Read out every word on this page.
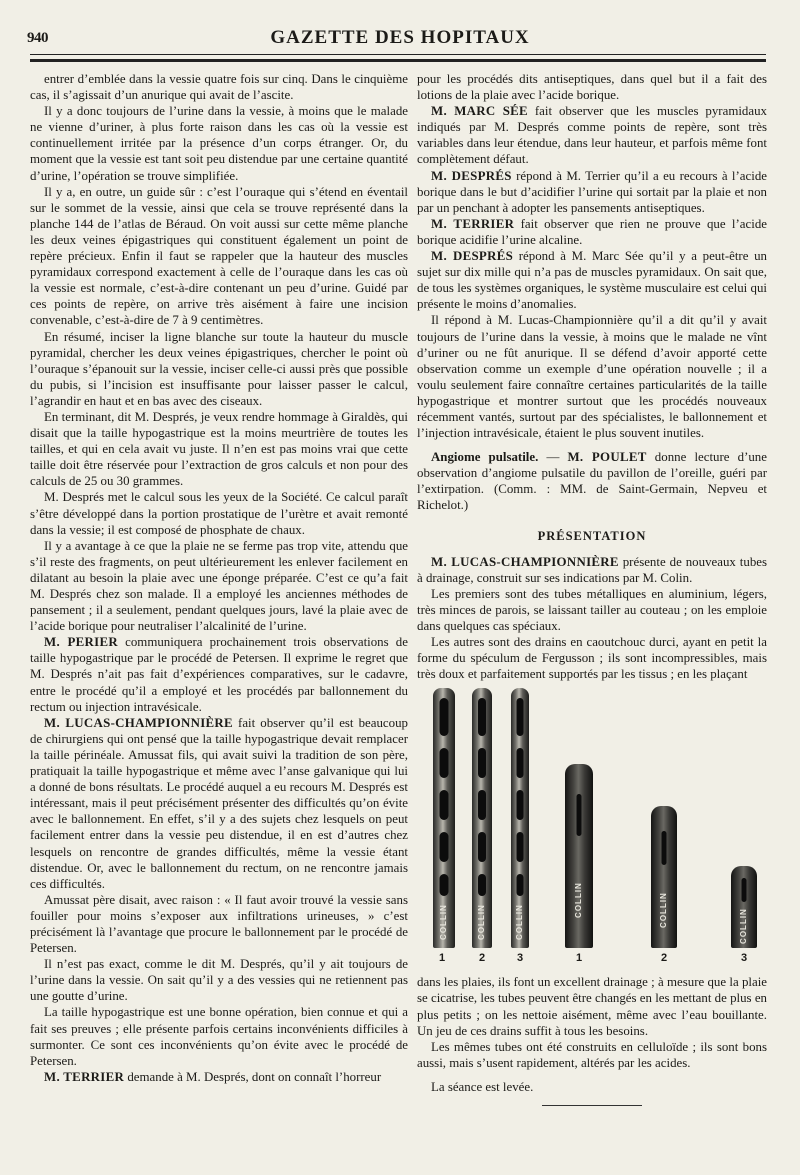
940	GAZETTE DES HOPITAUX

entrer d’emblée dans la vessie quatre fois sur cinq. Dans le cinquième cas, il s’agissait d’un anurique qui avait de l’ascite.

Il y a donc toujours de l’urine dans la vessie, à moins que le malade ne vienne d’uriner, à plus forte raison dans les cas où la vessie est continuellement irritée par la présence d’un corps étranger. Or, du moment que la vessie est tant soit peu distendue par une certaine quantité d’urine, l’opération se trouve simplifiée.

Il y a, en outre, un guide sûr : c’est l’ouraque qui s’étend en éventail sur le sommet de la vessie, ainsi que cela se trouve représenté dans la planche 144 de l’atlas de Béraud. On voit aussi sur cette même planche les deux veines épigastriques qui constituent également un point de repère précieux. Enfin il faut se rappeler que la hauteur des muscles pyramidaux correspond exactement à celle de l’ouraque dans les cas où la vessie est normale, c’est-à-dire contenant un peu d’urine. Guidé par ces points de repère, on arrive très aisément à faire une incision convenable, c’est-à-dire de 7 à 9 centimètres.

En résumé, inciser la ligne blanche sur toute la hauteur du muscle pyramidal, chercher les deux veines épigastriques, chercher le point où l’ouraque s’épanouit sur la vessie, inciser celle-ci aussi près que possible du pubis, si l’incision est insuffisante pour laisser passer le calcul, l’agrandir en haut et en bas avec des ciseaux.

En terminant, dit M. Després, je veux rendre hommage à Giraldès, qui disait que la taille hypogastrique est la moins meurtrière de toutes les tailles, et qui en cela avait vu juste. Il n’en est pas moins vrai que cette taille doit être réservée pour l’extraction de gros calculs et non pour des calculs de 25 ou 30 grammes.

M. Després met le calcul sous les yeux de la Société. Ce calcul paraît s’être développé dans la portion prostatique de l’urètre et avait remonté dans la vessie; il est composé de phosphate de chaux.

Il y a avantage à ce que la plaie ne se ferme pas trop vite, attendu que s’il reste des fragments, on peut ultérieurement les enlever facilement en dilatant au besoin la plaie avec une éponge préparée. C’est ce qu’a fait M. Després chez son malade. Il a employé les anciennes méthodes de pansement ; il a seulement, pendant quelques jours, lavé la plaie avec de l’acide borique pour neutraliser l’alcalinité de l’urine.

M. PERIER communiquera prochainement trois observations de taille hypogastrique par le procédé de Petersen. Il exprime le regret que M. Després n’ait pas fait d’expériences comparatives, sur le cadavre, entre le procédé qu’il a employé et les procédés par ballonnement du rectum ou injection intravésicale.

M. LUCAS-CHAMPIONNIÈRE fait observer qu’il est beaucoup de chirurgiens qui ont pensé que la taille hypogastrique devait remplacer la taille périnéale. Amussat fils, qui avait suivi la tradition de son père, pratiquait la taille hypogastrique et même avec l’anse galvanique qui lui a donné de bons résultats. Le procédé auquel a eu recours M. Després est intéressant, mais il peut précisément présenter des difficultés qu’on évite avec le ballonnement. En effet, s’il y a des sujets chez lesquels on peut facilement entrer dans la vessie peu distendue, il en est d’autres chez lesquels on rencontre de grandes difficultés, même la vessie étant distendue. Or, avec le ballonnement du rectum, on ne rencontre jamais ces difficultés.

Amussat père disait, avec raison : « Il faut avoir trouvé la vessie sans fouiller pour moins s’exposer aux infiltrations urineuses, » c’est précisément là l’avantage que procure le ballonnement par le procédé de Petersen.

Il n’est pas exact, comme le dit M. Després, qu’il y ait toujours de l’urine dans la vessie. On sait qu’il y a des vessies qui ne retiennent pas une goutte d’urine.

La taille hypogastrique est une bonne opération, bien connue et qui a fait ses preuves ; elle présente parfois certains inconvénients difficiles à surmonter. Ce sont ces inconvénients qu’on évite avec le procédé de Petersen.

M. TERRIER demande à M. Després, dont on connaît l’horreur

pour les procédés dits antiseptiques, dans quel but il a fait des lotions de la plaie avec l’acide borique.

M. MARC SÉE fait observer que les muscles pyramidaux indiqués par M. Després comme points de repère, sont très variables dans leur étendue, dans leur hauteur, et parfois même font complètement défaut.

M. DESPRÉS répond à M. Terrier qu’il a eu recours à l’acide borique dans le but d’acidifier l’urine qui sortait par la plaie et non par un penchant à adopter les pansements antiseptiques.

M. TERRIER fait observer que rien ne prouve que l’acide borique acidifie l’urine alcaline.

M. DESPRÉS répond à M. Marc Sée qu’il y a peut-être un sujet sur dix mille qui n’a pas de muscles pyramidaux. On sait que, de tous les systèmes organiques, le système musculaire est celui qui présente le moins d’anomalies.

Il répond à M. Lucas-Championnière qu’il a dit qu’il y avait toujours de l’urine dans la vessie, à moins que le malade ne vînt d’uriner ou ne fût anurique. Il se défend d’avoir apporté cette observation comme un exemple d’une opération nouvelle ; il a voulu seulement faire connaître certaines particularités de la taille hypogastrique et montrer surtout que les procédés nouveaux récemment vantés, surtout par des spécialistes, le ballonnement et l’injection intravésicale, étaient le plus souvent inutiles.

Angiome pulsatile. — M. POULET donne lecture d’une observation d’angiome pulsatile du pavillon de l’oreille, guéri par l’extirpation. (Comm. : MM. de Saint-Germain, Nepveu et Richelot.)

PRÉSENTATION

M. LUCAS-CHAMPIONNIÈRE présente de nouveaux tubes à drainage, construit sur ses indications par M. Colin.

Les premiers sont des tubes métalliques en aluminium, légers, très minces de parois, se laissant tailler au couteau ; on les emploie dans quelques cas spéciaux.

Les autres sont des drains en caoutchouc durci, ayant en petit la forme du spéculum de Fergusson ; ils sont incompressibles, mais très doux et parfaitement supportés par les tissus ; en les plaçant

COLLIN	COLLIN	COLLIN
COLLIN	COLLIN	COLLIN
1	2	3	1	2	3

dans les plaies, ils font un excellent drainage ; à mesure que la plaie se cicatrise, les tubes peuvent être changés en les mettant de plus en plus petits ; on les nettoie aisément, même avec l’eau bouillante. Un jeu de ces drains suffit à tous les besoins.

Les mêmes tubes ont été construits en celluloïde ; ils sont bons aussi, mais s’usent rapidement, altérés par les acides.

La séance est levée.
